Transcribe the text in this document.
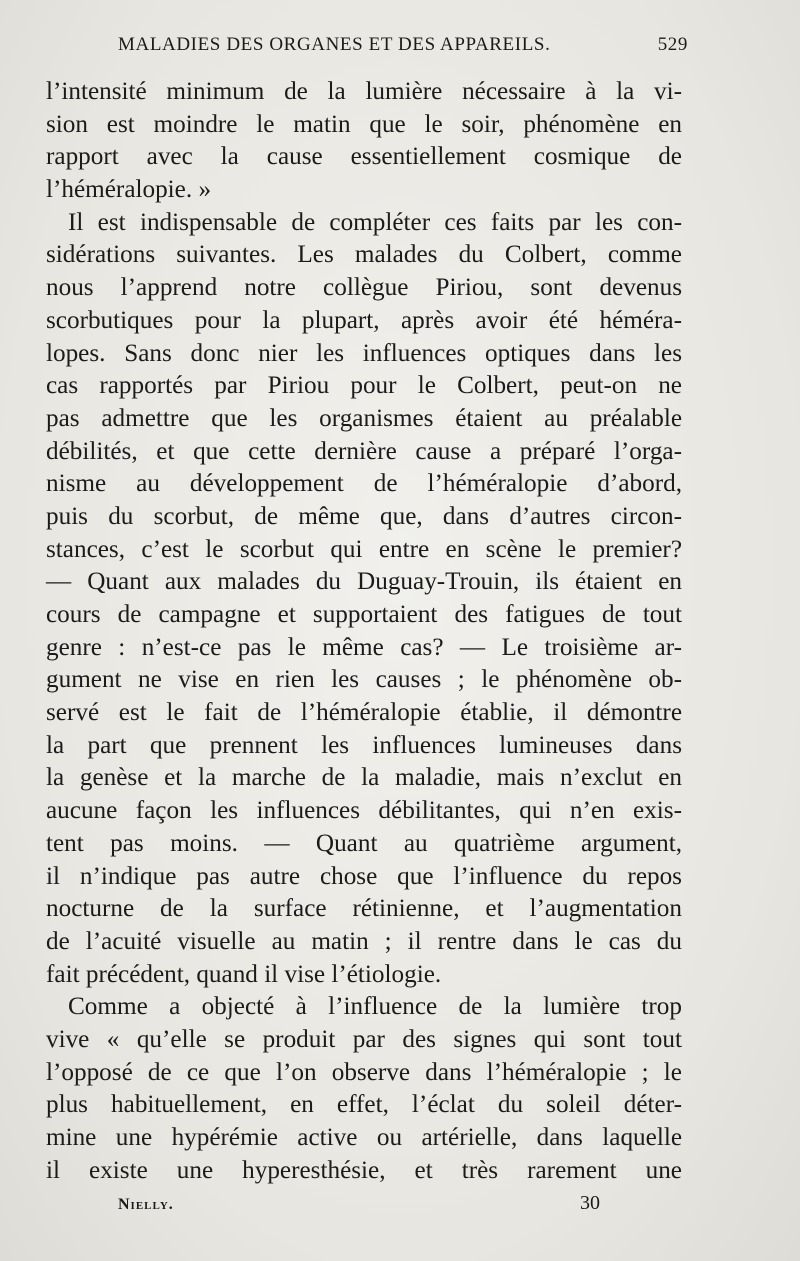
MALADIES DES ORGANES ET DES APPAREILS.	529
l’intensité minimum de la lumière nécessaire à la vi-
sion est moindre le matin que le soir, phénomène en
rapport avec la cause essentiellement cosmique de
l’héméralopie. »
Il est indispensable de compléter ces faits par les con-
sidérations suivantes. Les malades du Colbert, comme
nous l’apprend notre collègue Piriou, sont devenus
scorbutiques pour la plupart, après avoir été héméra-
lopes. Sans donc nier les influences optiques dans les
cas rapportés par Piriou pour le Colbert, peut-on ne
pas admettre que les organismes étaient au préalable
débilités, et que cette dernière cause a préparé l’orga-
nisme au développement de l’héméralopie d’abord,
puis du scorbut, de même que, dans d’autres circon-
stances, c’est le scorbut qui entre en scène le premier?
— Quant aux malades du Duguay-Trouin, ils étaient en
cours de campagne et supportaient des fatigues de tout
genre : n’est-ce pas le même cas? — Le troisième ar-
gument ne vise en rien les causes ; le phénomène ob-
servé est le fait de l’héméralopie établie, il démontre
la part que prennent les influences lumineuses dans
la genèse et la marche de la maladie, mais n’exclut en
aucune façon les influences débilitantes, qui n’en exis-
tent pas moins. — Quant au quatrième argument,
il n’indique pas autre chose que l’influence du repos
nocturne de la surface rétinienne, et l’augmentation
de l’acuité visuelle au matin ; il rentre dans le cas du
fait précédent, quand il vise l’étiologie.
Comme a objecté à l’influence de la lumière trop
vive « qu’elle se produit par des signes qui sont tout
l’opposé de ce que l’on observe dans l’héméralopie ; le
plus habituellement, en effet, l’éclat du soleil déter-
mine une hypérémie active ou artérielle, dans laquelle
il existe une hyperesthésie, et très rarement une
Nielly.	30
